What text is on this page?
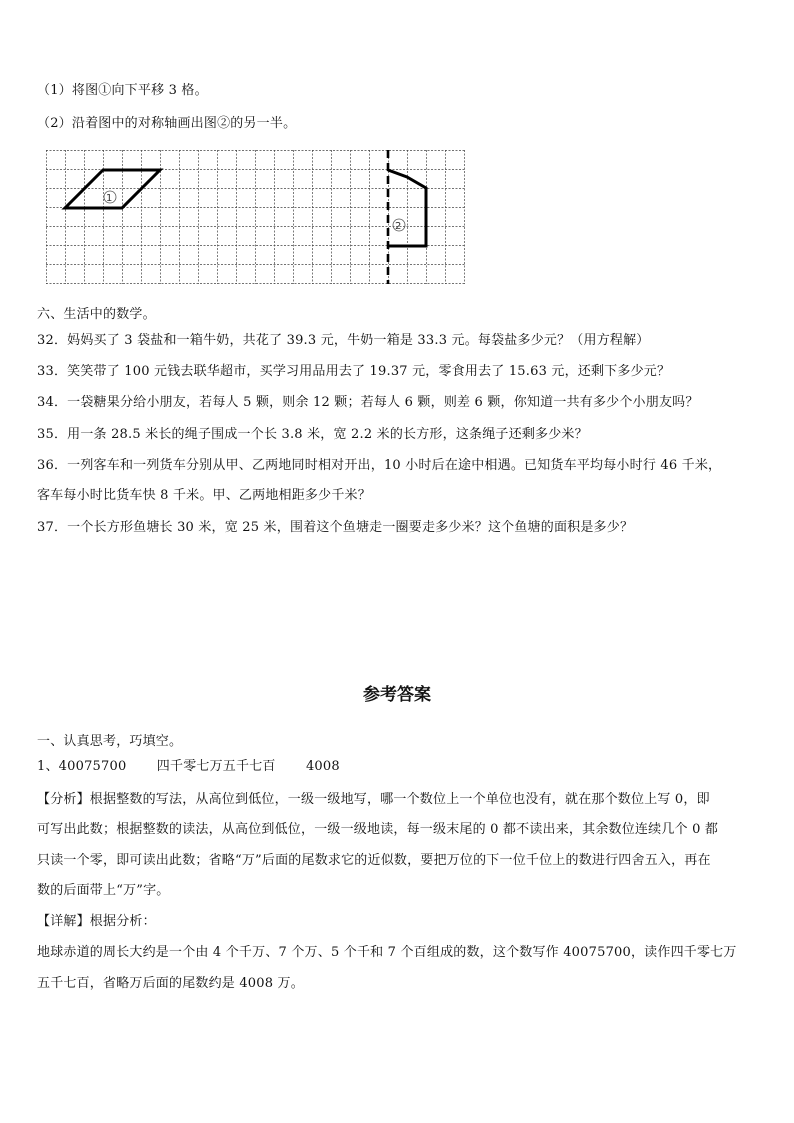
（1）将图①向下平移 3 格。
（2）沿着图中的对称轴画出图②的另一半。
1
2
六、生活中的数学。
32．妈妈买了 3 袋盐和一箱牛奶，共花了 39.3 元，牛奶一箱是 33.3 元。每袋盐多少元？（用方程解）
33．笑笑带了 100 元钱去联华超市，买学习用品用去了 19.37 元，零食用去了 15.63 元，还剩下多少元？
34．一袋糖果分给小朋友，若每人 5 颗，则余 12 颗；若每人 6 颗，则差 6 颗，你知道一共有多少个小朋友吗？
35．用一条 28.5 米长的绳子围成一个长 3.8 米，宽 2.2 米的长方形，这条绳子还剩多少米？
36．一列客车和一列货车分别从甲、乙两地同时相对开出，10 小时后在途中相遇。已知货车平均每小时行 46 千米，
客车每小时比货车快 8 千米。甲、乙两地相距多少千米？
37．一个长方形鱼塘长 30 米，宽 25 米，围着这个鱼塘走一圈要走多少米？这个鱼塘的面积是多少？
参考答案
一、认真思考，巧填空。
1、40075700 四千零七万五千七百 4008
【分析】根据整数的写法，从高位到低位，一级一级地写，哪一个数位上一个单位也没有，就在那个数位上写 0，即
可写出此数；根据整数的读法，从高位到低位，一级一级地读，每一级末尾的 0 都不读出来，其余数位连续几个 0 都
只读一个零，即可读出此数；省略“万”后面的尾数求它的近似数，要把万位的下一位千位上的数进行四舍五入，再在
数的后面带上“万”字。
【详解】根据分析：
地球赤道的周长大约是一个由 4 个千万、7 个万、5 个千和 7 个百组成的数，这个数写作 40075700，读作四千零七万
五千七百，省略万后面的尾数约是 4008 万。
